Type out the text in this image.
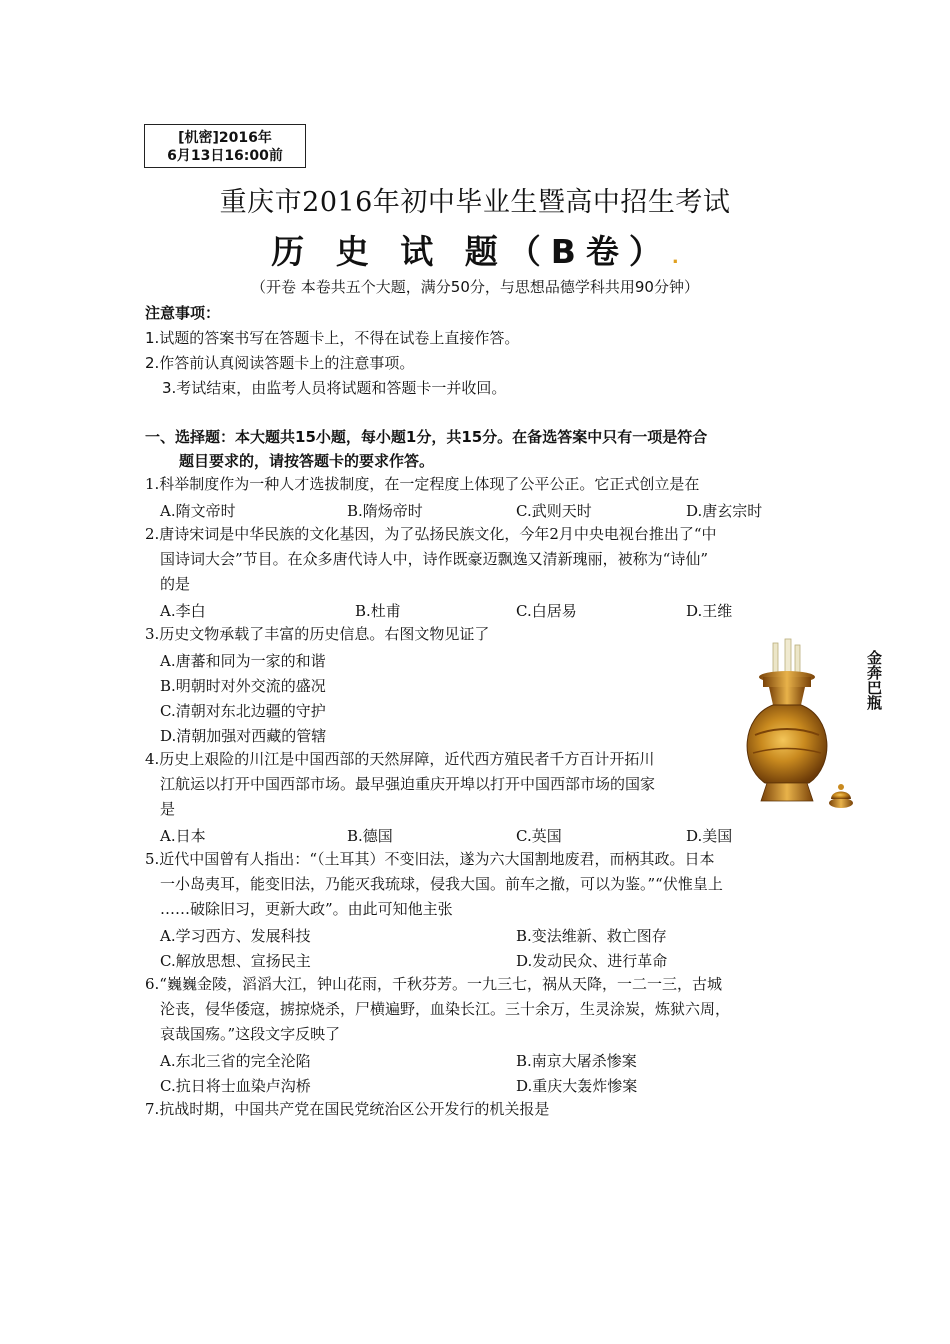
[机密]2016年
6月13日16:00前
重庆市2016年初中毕业生暨高中招生考试
历 史 试 题（B卷）.
（开卷 本卷共五个大题，满分50分，与思想品德学科共用90分钟）
注意事项：
1.试题的答案书写在答题卡上，不得在试卷上直接作答。
2.作答前认真阅读答题卡上的注意事项。
3.考试结束，由监考人员将试题和答题卡一并收回。
一、选择题：本大题共15小题，每小题1分，共15分。在备选答案中只有一项是符合
题目要求的，请按答题卡的要求作答。
1.科举制度作为一种人才选拔制度，在一定程度上体现了公平公正。它正式创立是在
A.隋文帝时	B.隋炀帝时	C.武则天时	D.唐玄宗时
2.唐诗宋词是中华民族的文化基因，为了弘扬民族文化，今年2月中央电视台推出了“中
国诗词大会”节目。在众多唐代诗人中，诗作既豪迈飘逸又清新瑰丽，被称为“诗仙”
的是
A.李白	B.杜甫	C.白居易	D.王维
3.历史文物承载了丰富的历史信息。右图文物见证了
A.唐蕃和同为一家的和谐
B.明朝时对外交流的盛况
C.清朝对东北边疆的守护
D.清朝加强对西藏的管辖
金奔巴瓶
4.历史上艰险的川江是中国西部的天然屏障，近代西方殖民者千方百计开拓川
江航运以打开中国西部市场。最早强迫重庆开埠以打开中国西部市场的国家
是
A.日本	B.德国	C.英国	D.美国
5.近代中国曾有人指出：“（土耳其）不变旧法，遂为六大国割地废君，而柄其政。日本
一小岛夷耳，能变旧法，乃能灭我琉球，侵我大国。前车之撤，可以为鉴。”“伏惟皇上
……破除旧习，更新大政”。由此可知他主张
A.学习西方、发展科技	B.变法维新、救亡图存
C.解放思想、宣扬民主	D.发动民众、进行革命
6.“巍巍金陵，滔滔大江，钟山花雨，千秋芬芳。一九三七，祸从天降，一二一三，古城
沦丧，侵华倭寇，掳掠烧杀，尸横遍野，血染长江。三十余万，生灵涂炭，炼狱六周，
哀哉国殇。”这段文字反映了
A.东北三省的完全沦陷	B.南京大屠杀惨案
C.抗日将士血染卢沟桥	D.重庆大轰炸惨案
7.抗战时期，中国共产党在国民党统治区公开发行的机关报是
